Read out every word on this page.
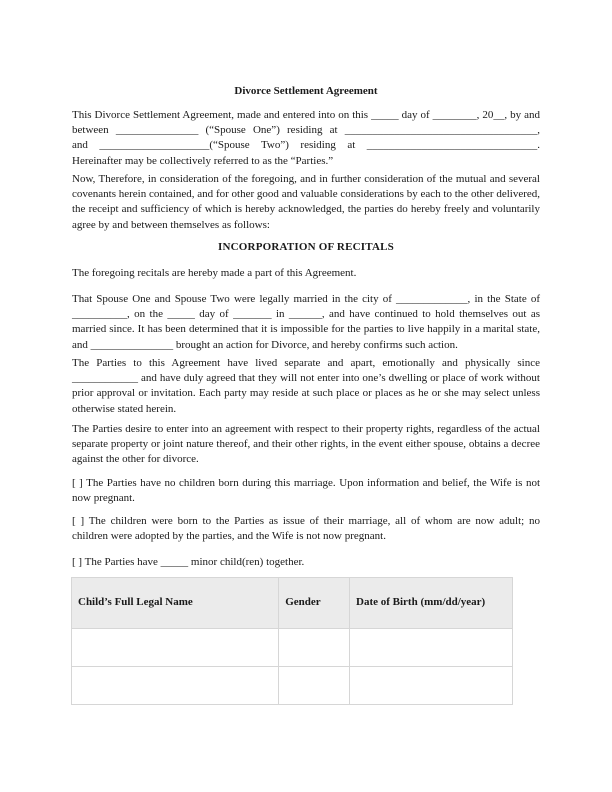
Divorce Settlement Agreement
This Divorce Settlement Agreement, made and entered into on this _____ day of ________, 20__, by and
between _______________ (“Spouse One”) residing at ___________________________________,
and ____________________(“Spouse Two”) residing at _______________________________.
Hereinafter may be collectively referred to as the “Parties.”
Now, Therefore, in consideration of the foregoing, and in further consideration of the mutual and several
covenants herein contained, and for other good and valuable considerations by each to the other delivered,
the receipt and sufficiency of which is hereby acknowledged, the parties do hereby freely and voluntarily
agree by and between themselves as follows:
INCORPORATION OF RECITALS
The foregoing recitals are hereby made a part of this Agreement.
That Spouse One and Spouse Two were legally married in the city of _____________, in the State of
__________, on the _____ day of _______ in ______, and have continued to hold themselves out as
married since. It has been determined that it is impossible for the parties to live happily in a marital state,
and _______________ brought an action for Divorce, and hereby confirms such action.
The Parties to this Agreement have lived separate and apart, emotionally and physically since
____________ and have duly agreed that they will not enter into one’s dwelling or place of work without
prior approval or invitation. Each party may reside at such place or places as he or she may select unless
otherwise stated herein.
The Parties desire to enter into an agreement with respect to their property rights, regardless of the actual
separate property or joint nature thereof, and their other rights, in the event either spouse, obtains a decree
against the other for divorce.
[ ] The Parties have no children born during this marriage. Upon information and belief, the Wife is not
now pregnant.
[ ] The children were born to the Parties as issue of their marriage, all of whom are now adult; no
children were adopted by the parties, and the Wife is not now pregnant.
[ ] The Parties have _____ minor child(ren) together.
Child’s Full Legal Name	Gender	Date of Birth (mm/dd/year)
